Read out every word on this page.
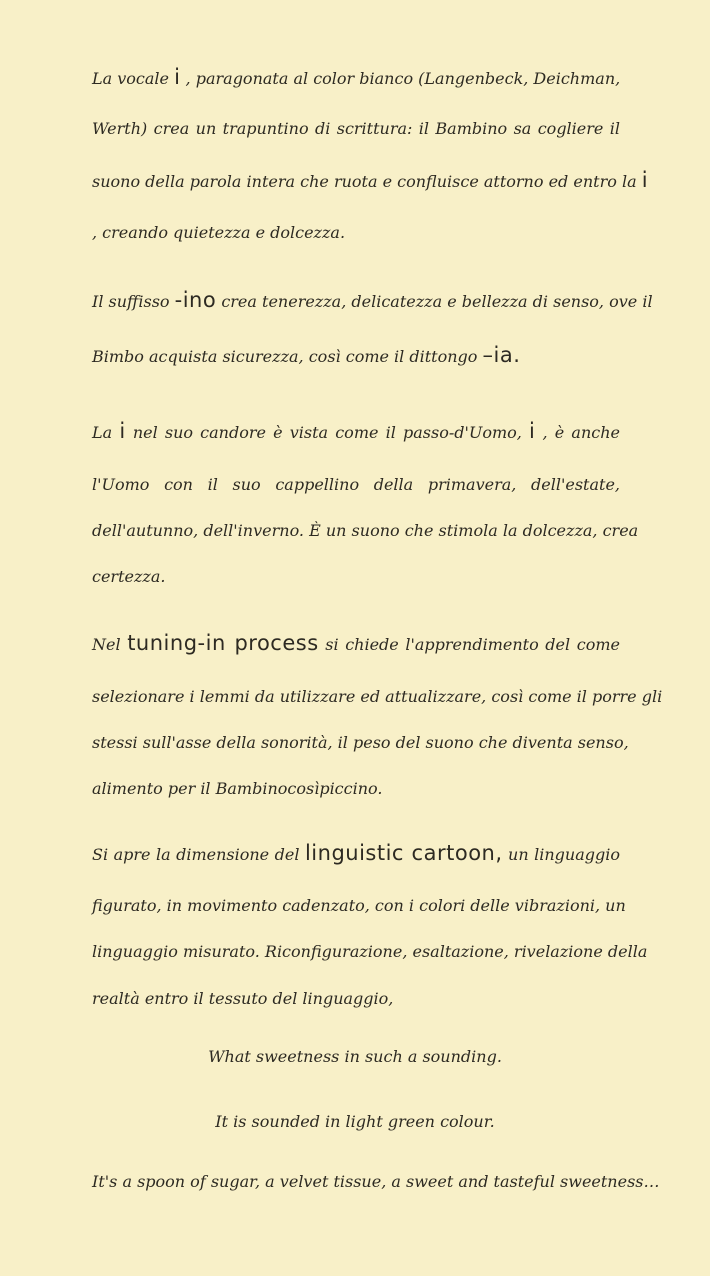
La vocale i , paragonata al color bianco (Langenbeck, Deichman,
Werth) crea un trapuntino di scrittura: il Bambino sa cogliere il
suono della parola intera che ruota e confluisce attorno ed entro la i
, creando quietezza e dolcezza.
Il suffisso -ino crea tenerezza, delicatezza e bellezza di senso, ove il
Bimbo acquista sicurezza, così come il dittongo –ia.
La i nel suo candore è vista come il passo-d'Uomo, i , è anche
l'Uomo con il suo cappellino della primavera, dell'estate,
dell'autunno, dell'inverno. È un suono che stimola la dolcezza, crea
certezza.
Nel tuning-in process si chiede l'apprendimento del come
selezionare i lemmi da utilizzare ed attualizzare, così come il porre gli
stessi sull'asse della sonorità, il peso del suono che diventa senso,
alimento per il Bambinocosìpiccino.
Si apre la dimensione del linguistic cartoon, un linguaggio
figurato, in movimento cadenzato, con i colori delle vibrazioni, un
linguaggio misurato. Riconfigurazione, esaltazione, rivelazione della
realtà entro il tessuto del linguaggio,
What sweetness in such a sounding.
It is sounded in light green colour.
It's a spoon of sugar, a velvet tissue, a sweet and tasteful sweetness…
